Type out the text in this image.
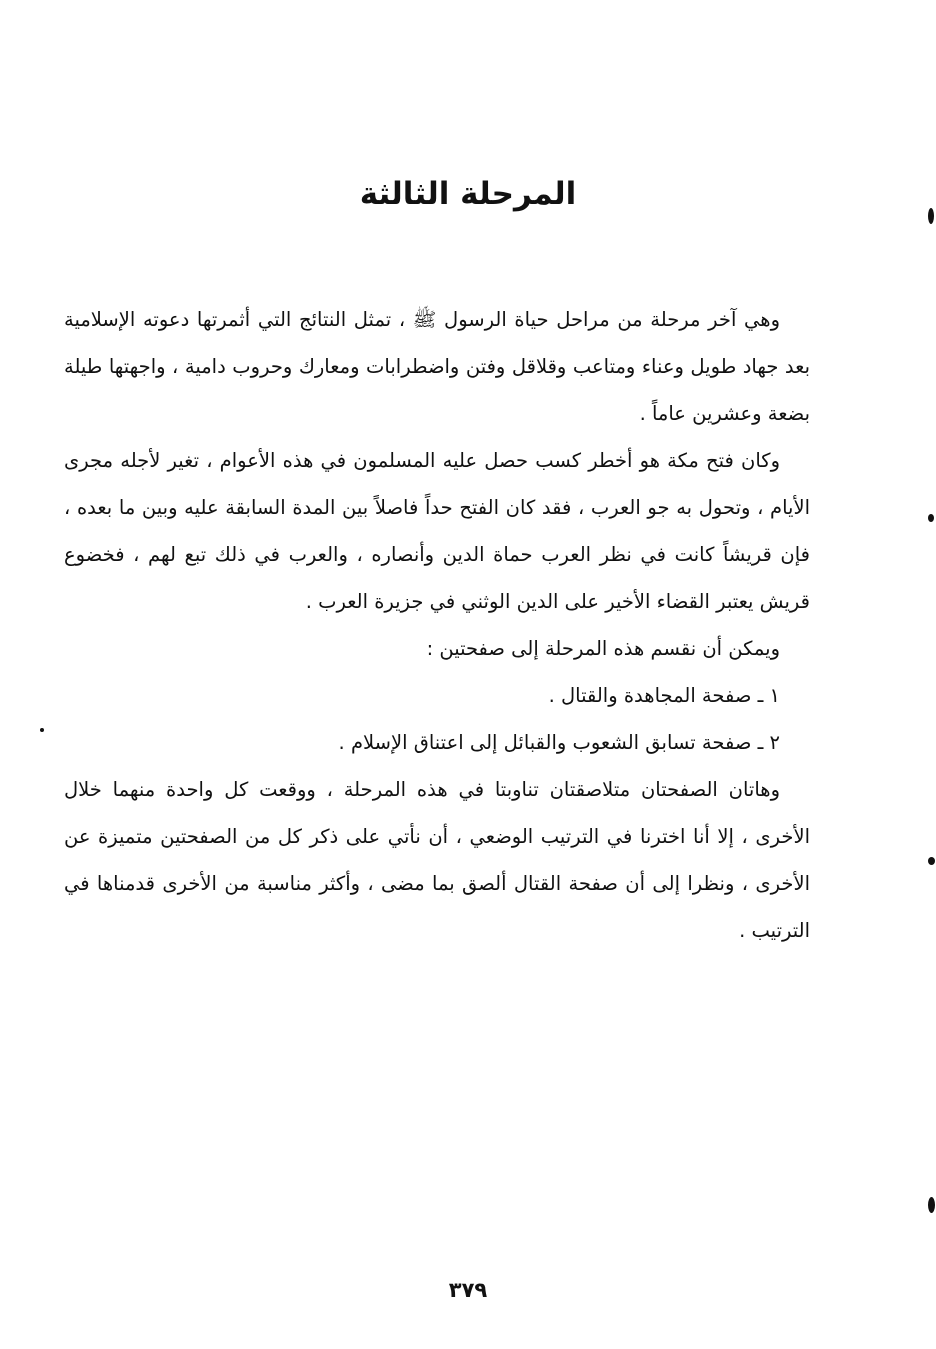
المرحلة الثالثة

وهي آخر مرحلة من مراحل حياة الرسول ﷺ ، تمثل النتائج التي أثمرتها دعوته الإسلامية بعد جهاد طويل وعناء ومتاعب وقلاقل وفتن واضطرابات ومعارك وحروب دامية ، واجهتها طيلة بضعة وعشرين عاماً .

وكان فتح مكة هو أخطر كسب حصل عليه المسلمون في هذه الأعوام ، تغير لأجله مجرى الأيام ، وتحول به جو العرب ، فقد كان الفتح حداً فاصلاً بين المدة السابقة عليه وبين ما بعده ، فإن قريشاً كانت في نظر العرب حماة الدين وأنصاره ، والعرب في ذلك تبع لهم ، فخضوع قريش يعتبر القضاء الأخير على الدين الوثني في جزيرة العرب .

ويمكن أن نقسم هذه المرحلة إلى صفحتين :

١ ـ صفحة المجاهدة والقتال .

٢ ـ صفحة تسابق الشعوب والقبائل إلى اعتناق الإسلام .

وهاتان الصفحتان متلاصقتان تناوبتا في هذه المرحلة ، ووقعت كل واحدة منهما خلال الأخرى ، إلا أنا اخترنا في الترتيب الوضعي ، أن نأتي على ذكر كل من الصفحتين متميزة عن الأخرى ، ونظرا إلى أن صفحة القتال ألصق بما مضى ، وأكثر مناسبة من الأخرى قدمناها في الترتيب .

٣٧٩
